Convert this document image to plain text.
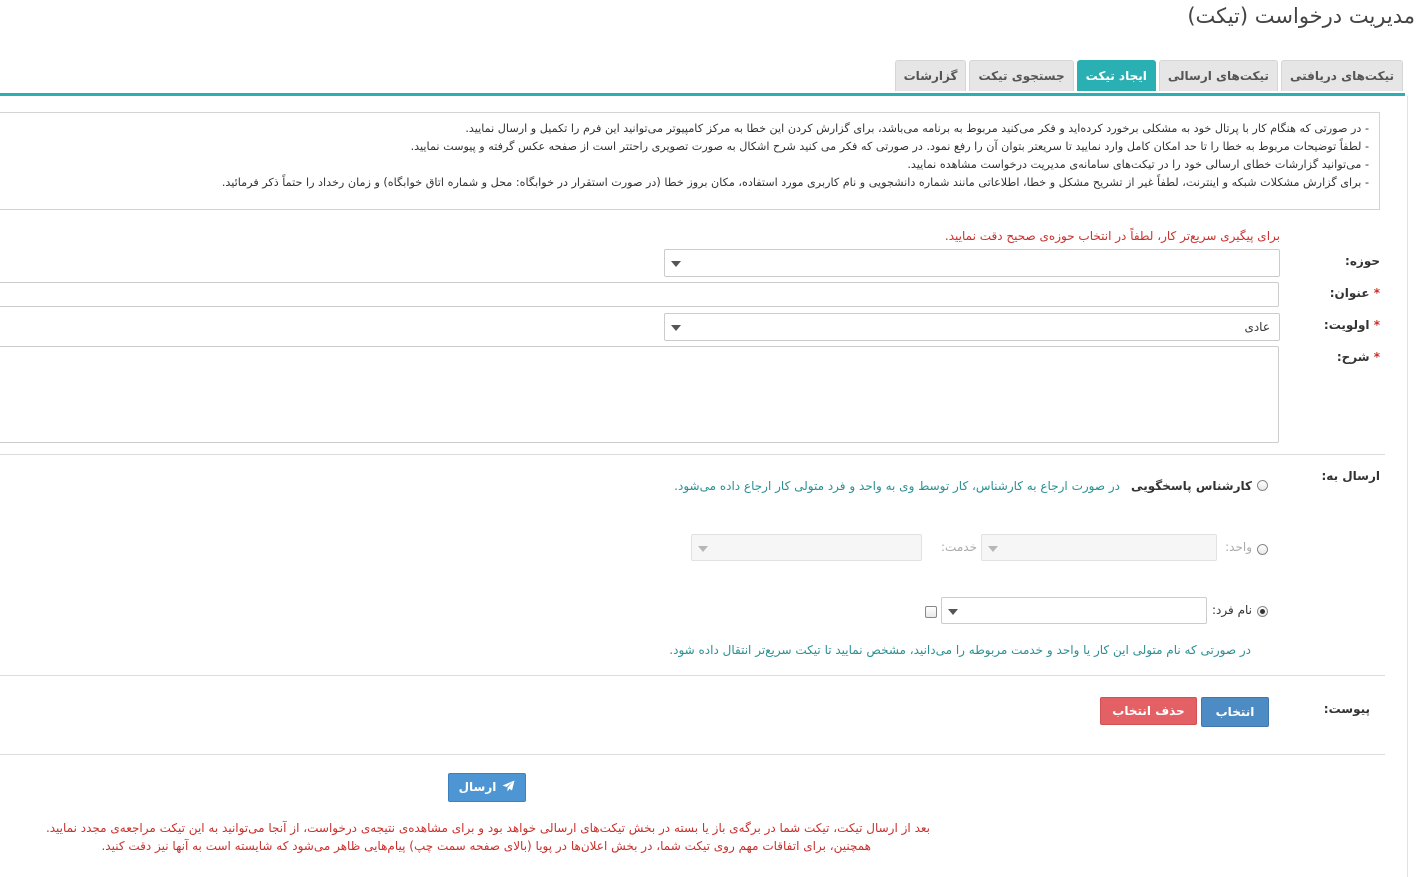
مدیریت درخواست (تیکت)
تیکت‌های دریافتی
تیکت‌های ارسالی
ایجاد تیکت
جستجوی تیکت
گزارشات
- در صورتی که هنگام کار با پرتال خود به مشکلی برخورد کرده‌اید و فکر می‌کنید مربوط به برنامه می‌باشد، برای گزارش کردن این خطا به مرکز کامپیوتر می‌توانید این فرم را تکمیل و ارسال نمایید.
- لطفاً توضیحات مربوط به خطا را تا حد امکان کامل وارد نمایید تا سریعتر بتوان آن را رفع نمود. در صورتی که فکر می کنید شرح اشکال به صورت تصویری راحتتر است از صفحه عکس گرفته و پیوست نمایید.
- می‌توانید گزارشات خطای ارسالی خود را در تیکت‌های سامانه‌ی مدیریت درخواست مشاهده نمایید.
- برای گزارش مشکلات شبکه و اینترنت، لطفاً غیر از تشریح مشکل و خطا، اطلاعاتی مانند شماره دانشجویی و نام کاربری مورد استفاده، مکان بروز خطا (در صورت استقرار در خوابگاه: محل و شماره اتاق خوابگاه) و زمان رخداد را حتماً ذکر فرمائید.
برای پیگیری سریع‌تر کار، لطفاً در انتخاب حوزه‌ی صحیح دقت نمایید.
حوزه:
* عنوان:
* اولویت:
عادی
* شرح:
ارسال به:
کارشناس پاسخگویی
در صورت ارجاع به کارشناس، کار توسط وی به واحد و فرد متولی کار ارجاع داده می‌شود.
واحد:
خدمت:
نام فرد:
در صورتی که نام متولی این کار یا واحد و خدمت مربوطه را می‌دانید، مشخص نمایید تا تیکت سریع‌تر انتقال داده شود.
پیوست:
انتخاب
حذف انتخاب
ارسال
بعد از ارسال تیکت، تیکت شما در برگه‌ی باز یا بسته در بخش تیکت‌های ارسالی خواهد بود و برای مشاهده‌ی نتیجه‌ی درخواست، از آنجا می‌توانید به این تیکت مراجعه‌ی مجدد نمایید.
همچنین، برای اتفاقات مهم روی تیکت شما، در بخش اعلان‌ها در پویا (بالای صفحه سمت چپ) پیام‌هایی ظاهر می‌شود که شایسته است به آنها نیز دقت کنید.
